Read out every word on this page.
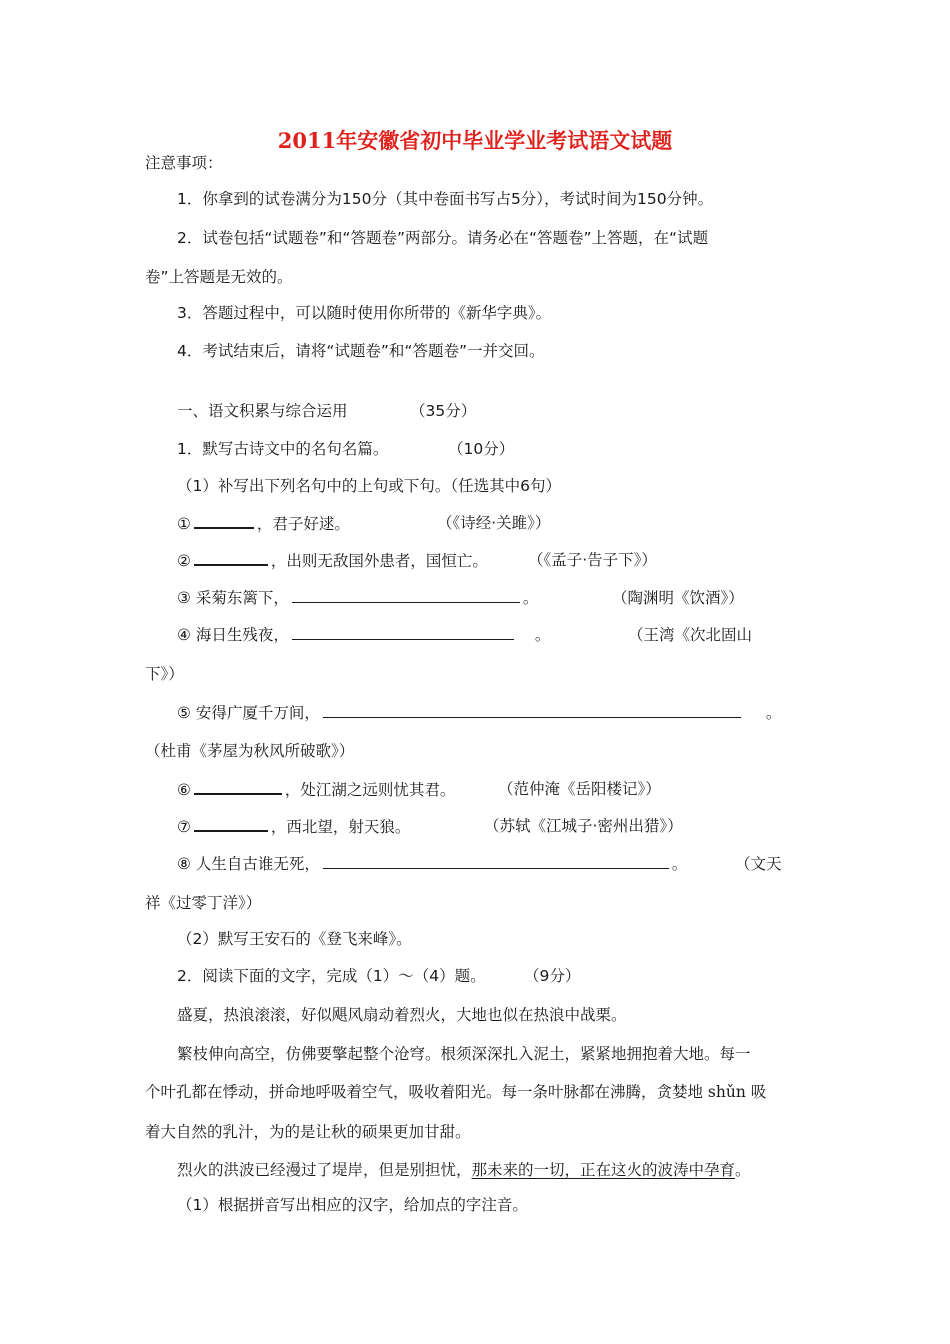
2011年安徽省初中毕业学业考试语文试题
注意事项：
1．你拿到的试卷满分为150分（其中卷面书写占5分），考试时间为150分钟。
2．试卷包括“试题卷”和“答题卷”两部分。请务必在“答题卷”上答题，在“试题
卷”上答题是无效的。
3．答题过程中，可以随时使用你所带的《新华字典》。
4．考试结束后，请将“试题卷”和“答题卷”一并交回。
一、语文积累与综合运用	（35分）
1．默写古诗文中的名句名篇。	（10分）
（1）补写出下列名句中的上句或下句。（任选其中6句）
①	，君子好逑。	（《诗经·关雎》）
②	，出则无敌国外患者，国恒亡。	（《孟子·告子下》）
③ 采菊东篱下，	。	（陶渊明《饮酒》）
④ 海日生残夜，	。	（王湾《次北固山
下》）
⑤ 安得广厦千万间，	。
（杜甫《茅屋为秋风所破歌》）
⑥	，处江湖之远则忧其君。	（范仲淹《岳阳楼记》）
⑦	，西北望，射天狼。	（苏轼《江城子·密州出猎》）
⑧ 人生自古谁无死，	。	（文天
祥《过零丁洋》）
（2）默写王安石的《登飞来峰》。
2．阅读下面的文字，完成（1）～（4）题。 （9分）
盛夏，热浪滚滚，好似飓风扇动着烈火，大地也似在热浪中战栗。
繁枝伸向高空，仿佛要擎起整个沧穹。根须深深扎入泥土，紧紧地拥抱着大地。每一
个叶孔都在悸动，拼命地呼吸着空气，吸收着阳光。每一条叶脉都在沸腾，贪婪地 shǔn 吸
着大自然的乳汁，为的是让秋的硕果更加甘甜。
烈火的洪波已经漫过了堤岸，但是别担忧，那未来的一切，正在这火的波涛中孕育。
（1）根据拼音写出相应的汉字，给加点的字注音。
